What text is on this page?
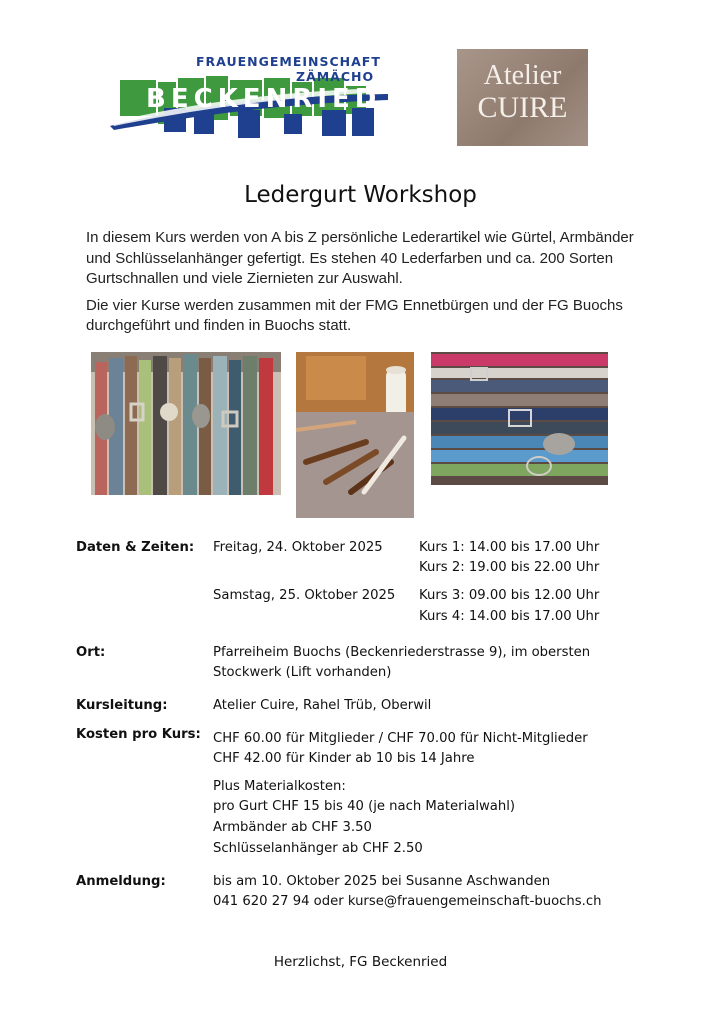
FRAUENGEMEINSCHAFT
ZÄMÄCHO
BECKENRIED
Atelier
CUIRE
Ledergurt Workshop

In diesem Kurs werden von A bis Z persönliche Lederartikel wie Gürtel, Armbänder und Schlüsselanhänger gefertigt. Es stehen 40 Lederfarben und ca. 200 Sorten Gurtschnallen und viele Ziernieten zur Auswahl.

Die vier Kurse werden zusammen mit der FMG Ennetbürgen und der FG Buochs durchgeführt und finden in Buochs statt.

Daten & Zeiten: Freitag, 24. Oktober 2025	Kurs 1: 14.00 bis 17.00 Uhr
Kurs 2: 19.00 bis 22.00 Uhr
Samstag, 25. Oktober 2025 Kurs 3: 09.00 bis 12.00 Uhr
Kurs 4: 14.00 bis 17.00 Uhr
Ort:	Pfarreiheim Buochs (Beckenriederstrasse 9), im obersten
Stockwerk (Lift vorhanden)
Kursleitung:	Atelier Cuire, Rahel Trüb, Oberwil
Kosten pro Kurs: CHF 60.00 für Mitglieder / CHF 70.00 für Nicht-Mitglieder
CHF 42.00 für Kinder ab 10 bis 14 Jahre
Plus Materialkosten:
pro Gurt CHF 15 bis 40 (je nach Materialwahl)
Armbänder ab CHF 3.50
Schlüsselanhänger ab CHF 2.50
Anmeldung:	bis am 10. Oktober 2025 bei Susanne Aschwanden
041 620 27 94 oder kurse@frauengemeinschaft-buochs.ch
Herzlichst, FG Beckenried
